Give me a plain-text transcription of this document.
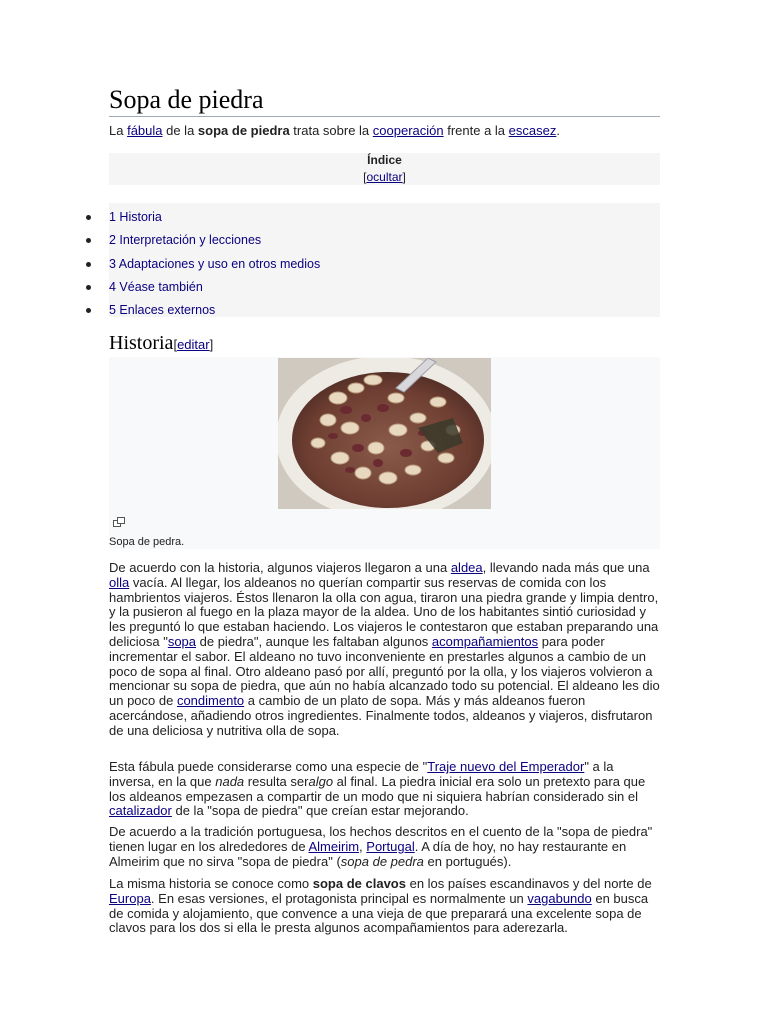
Sopa de piedra

La fábula de la sopa de piedra trata sobre la cooperación frente a la escasez.

Índice
[ocultar]
1 Historia
2 Interpretación y lecciones
3 Adaptaciones y uso en otros medios
4 Véase también
5 Enlaces externos
Historia[editar]
Sopa de pedra.

De acuerdo con la historia, algunos viajeros llegaron a una aldea, llevando nada más que una olla vacía. Al llegar, los aldeanos no querían compartir sus reservas de comida con los hambrientos viajeros. Éstos llenaron la olla con agua, tiraron una piedra grande y limpia dentro, y la pusieron al fuego en la plaza mayor de la aldea. Uno de los habitantes sintió curiosidad y les preguntó lo que estaban haciendo. Los viajeros le contestaron que estaban preparando una deliciosa "sopa de piedra", aunque les faltaban algunos acompañamientos para poder incrementar el sabor. El aldeano no tuvo inconveniente en prestarles algunos a cambio de un poco de sopa al final. Otro aldeano pasó por allí, preguntó por la olla, y los viajeros volvieron a mencionar su sopa de piedra, que aún no había alcanzado todo su potencial. El aldeano les dio un poco de condimento a cambio de un plato de sopa. Más y más aldeanos fueron acercándose, añadiendo otros ingredientes. Finalmente todos, aldeanos y viajeros, disfrutaron de una deliciosa y nutritiva olla de sopa.

Esta fábula puede considerarse como una especie de "Traje nuevo del Emperador" a la inversa, en la que nada resulta seralgo al final. La piedra inicial era solo un pretexto para que los aldeanos empezasen a compartir de un modo que ni siquiera habrían considerado sin el catalizador de la "sopa de piedra" que creían estar mejorando.

De acuerdo a la tradición portuguesa, los hechos descritos en el cuento de la "sopa de piedra" tienen lugar en los alrededores de Almeirim, Portugal. A día de hoy, no hay restaurante en Almeirim que no sirva "sopa de piedra" (sopa de pedra en portugués).

La misma historia se conoce como sopa de clavos en los países escandinavos y del norte de Europa. En esas versiones, el protagonista principal es normalmente un vagabundo en busca de comida y alojamiento, que convence a una vieja de que preparará una excelente sopa de clavos para los dos si ella le presta algunos acompañamientos para aderezarla.
